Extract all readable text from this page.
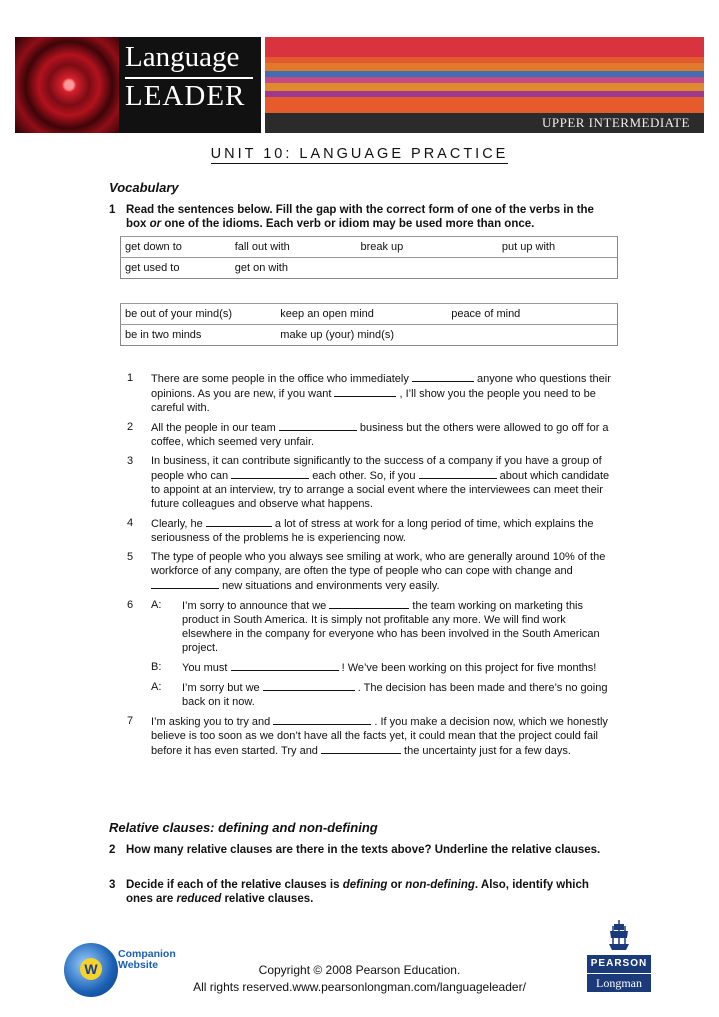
Language
LEADER
UPPER INTERMEDIATE
UNIT 10: LANGUAGE PRACTICE
Vocabulary
1 Read the sentences below. Fill the gap with the correct form of one of the verbs in the box or one of the idioms. Each verb or idiom may be used more than once.
get down to	fall out with	break up	put up with
get used to	get on with		
be out of your mind(s)	keep an open mind	peace of mind
be in two minds	make up (your) mind(s)	
1 There are some people in the office who immediately	anyone who questions their opinions. As you are new, if you want	, I’ll show you the people you need to be careful with.
2 All the people in our team	business but the others were allowed to go off for a coffee, which seemed very unfair.
3 In business, it can contribute significantly to the success of a company if you have a group of people who can	each other. So, if you	about which candidate to appoint at an interview, try to arrange a social event where the interviewees can meet their future colleagues and observe what happens.
4 Clearly, he	a lot of stress at work for a long period of time, which explains the seriousness of the problems he is experiencing now.
5 The type of people who you always see smiling at work, who are generally around 10% of the workforce of any company, are often the type of people who can cope with change and  new situations and environments very easily.
6 A: I’m sorry to announce that we	the team working on marketing this product in South America. It is simply not profitable any more. We will find work elsewhere in the company for everyone who has been involved in the South American project.
B: You must	! We’ve been working on this project for five months!
A: I’m sorry but we	. The decision has been made and there’s no going back on it now.
7 I’m asking you to try and	. If you make a decision now, which we honestly believe is too soon as we don’t have all the facts yet, it could mean that the project could fail before it has even started. Try and	the uncertainty just for a few days.
Relative clauses: defining and non-defining
2 How many relative clauses are there in the texts above? Underline the relative clauses.
3 Decide if each of the relative clauses is defining or non-defining. Also, identify which ones are reduced relative clauses.
W
Companion
Website	Copyright © 2008 Pearson Education.
All rights reserved.www.pearsonlongman.com/languageleader/
PEARSON
Longman
